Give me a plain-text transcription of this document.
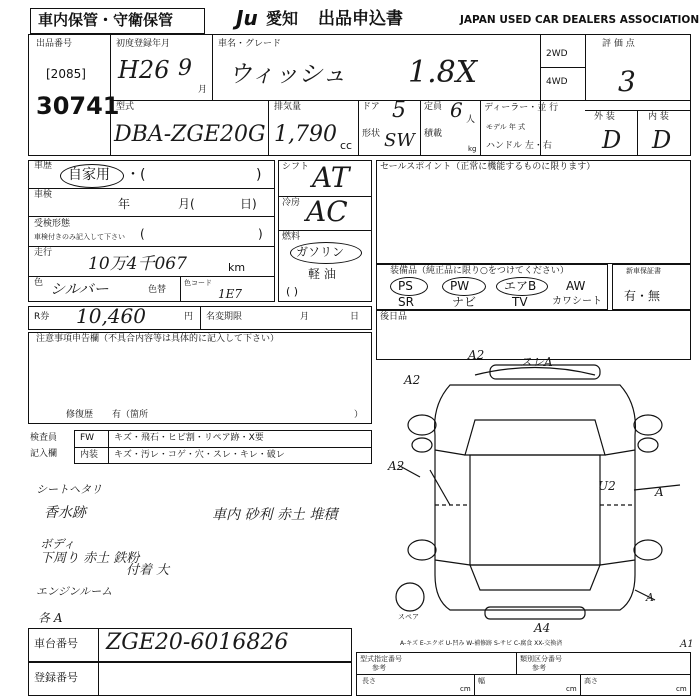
車内保管・守衛保管	Ju 愛知 出品申込書	JAPAN USED CAR DEALERS ASSOCIATION
出品番号
[2085]
30741
初度登録年月
H26 9
月
車名・グレード
ウィッシュ 1.8X
2WD
4WD
評 価 点
3
外 装	内 装
D D
型式
DBA-ZGE20G
排気量
1,790 cc
ドア 5
形状 SW
定員 6 人
積載
kg
ディーラー・並 行
モデル 年 式
ハンドル 左・右
車歴
自家用 ・(	)
車検
年	月(	日)
受検形態
車検付きのみ記入して下さい (	)
走行
10万4千067	km
色 シルバー	色替
色コード
1E7
シフト AT
冷房 AC
燃料
ガソリン
軽 油
( )
セールスポイント（正常に機能するものに限ります）
装備品（純正品に限り○をつけてください）
PS	PW	エアB AW
SR	ナビ	TV カワシート
新車保証書
有・無
R券 10,460	円 名変期限	月	日 後日品
注意事項申告欄（不具合内容等は具体的に記入して下さい）
修復歴 有（箇所	）
検査員
記入欄
FW キズ・飛石・ヒビ割・リペア跡・X要
内装 キズ・汚レ・コゲ・穴・スレ・キレ・破レ
シートヘタリ
香水跡	車内 砂利 赤土 堆積
ボディ
下周り 赤土 鉄粉
付着 大
エンジンルーム
各 A
A2	スレA
A2
A2
U2	A
A
A4
A1
スペア
A-キズ E-エクボ U-凹み W-補修跡 S-サビ C-腐食 XX-交換済
車台番号 ZGE20-6016826
登録番号
型式指定番号
参考
類別区分番号
参考
長さ
cm
幅
cm
高さ
cm
